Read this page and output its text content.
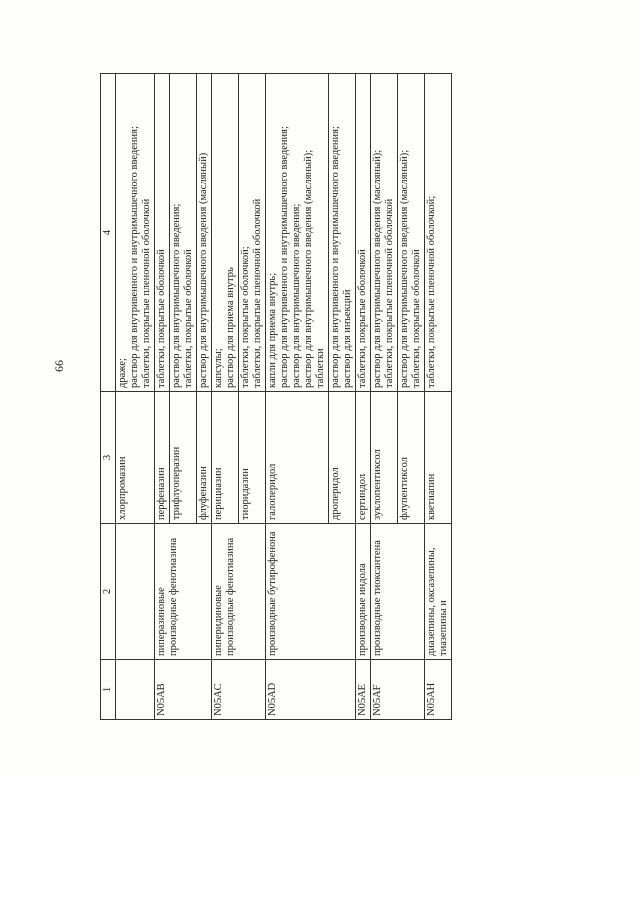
66
1	2	3	4
		хлорпромазин	драже; раствор для внутривенного и внутримышечного введения; таблетки, покрытые пленочной оболочкой

N05AB	пиперазиновые производные фенотиазина	перфеназин	таблетки, покрытые оболочкой

		трифлуоперазин	раствор для внутримышечного введения; таблетки, покрытые оболочкой

		флуфеназин	раствор для внутримышечного введения (масляный)

N05AC	пиперидиновые производные фенотиазина	перициазин	капсулы; раствор для приема внутрь

		тиоридазин	таблетки, покрытые оболочкой; таблетки, покрытые пленочной оболочкой

N05AD	производные бутирофенона	галоперидол	капли для приема внутрь; раствор для внутривенного и внутримышечного введения; раствор для внутримышечного введения; раствор для внутримышечного введения (масляный); таблетки

		дроперидол	раствор для внутривенного и внутримышечного введения; раствор для инъекций

N05AE	производные индола	сертиндол	таблетки, покрытые оболочкой

N05AF	производные тиоксантена	зуклопентиксол	раствор для внутримышечного введения (масляный); таблетки, покрытые пленочной оболочкой

		флупентиксол	раствор для внутримышечного введения (масляный); таблетки, покрытые оболочкой

N05AH	диазепины, оксазепины, тиазепины и	кветиапин	таблетки, покрытые пленочной оболочкой;
